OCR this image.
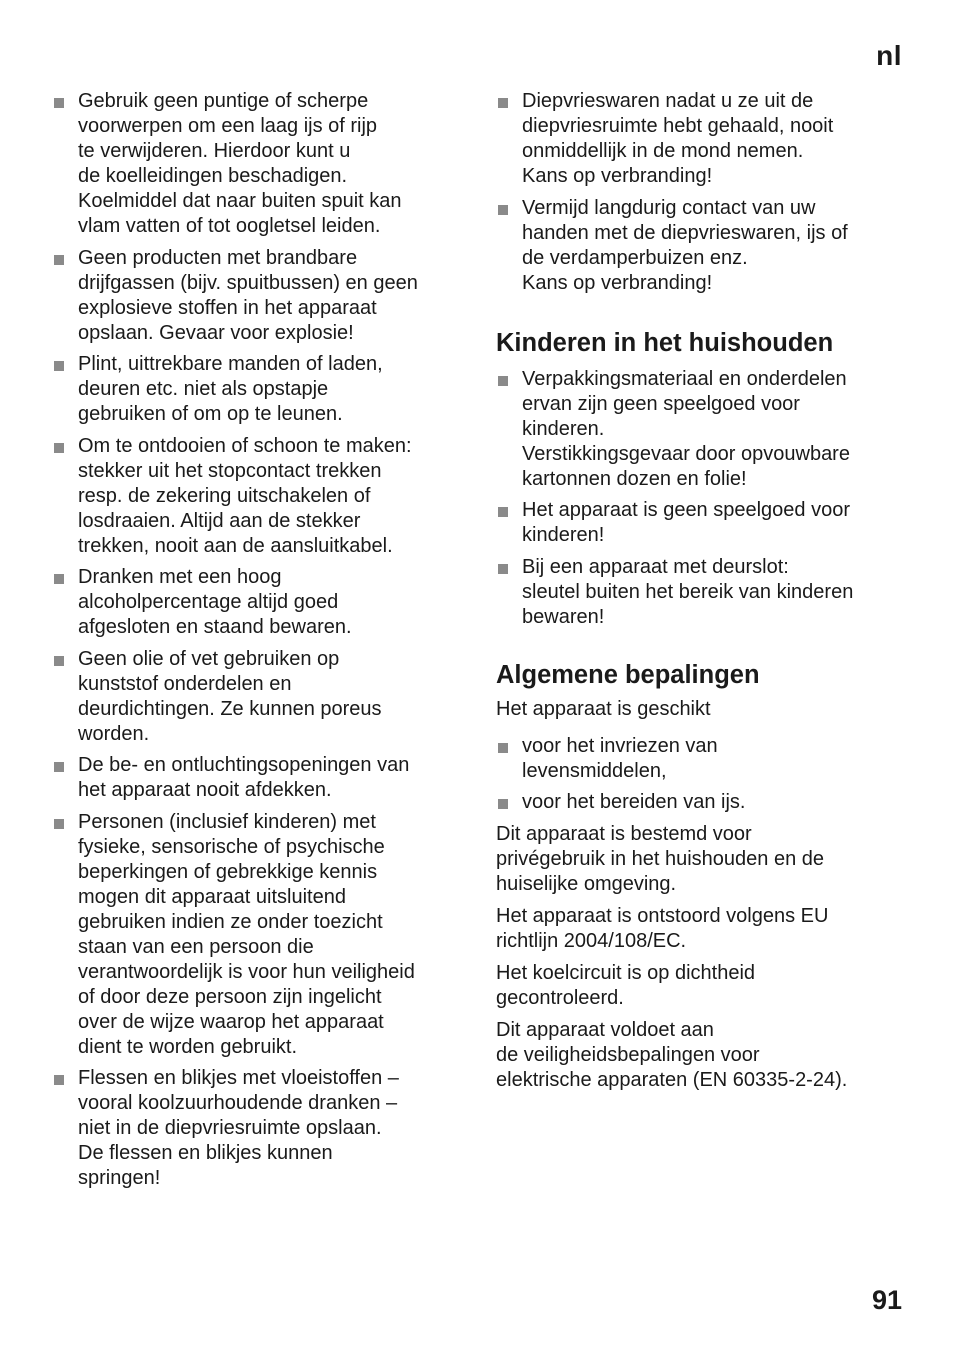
nl
Gebruik geen puntige of scherpe
voorwerpen om een laag ijs of rijp
te verwijderen. Hierdoor kunt u
de koelleidingen beschadigen.
Koelmiddel dat naar buiten spuit kan
vlam vatten of tot oogletsel leiden.
Geen producten met brandbare
drijfgassen (bijv. spuitbussen) en geen
explosieve stoffen in het apparaat
opslaan. Gevaar voor explosie!
Plint, uittrekbare manden of laden,
deuren etc. niet als opstapje
gebruiken of om op te leunen.
Om te ontdooien of schoon te maken:
stekker uit het stopcontact trekken
resp. de zekering uitschakelen of
losdraaien. Altijd aan de stekker
trekken, nooit aan de aansluitkabel.
Dranken met een hoog
alcoholpercentage altijd goed
afgesloten en staand bewaren.
Geen olie of vet gebruiken op
kunststof onderdelen en
deurdichtingen. Ze kunnen poreus
worden.
De be- en ontluchtingsopeningen van
het apparaat nooit afdekken.
Personen (inclusief kinderen) met
fysieke, sensorische of psychische
beperkingen of gebrekkige kennis
mogen dit apparaat uitsluitend
gebruiken indien ze onder toezicht
staan van een persoon die
verantwoordelijk is voor hun veiligheid
of door deze persoon zijn ingelicht
over de wijze waarop het apparaat
dient te worden gebruikt.
Flessen en blikjes met vloeistoffen –
vooral koolzuurhoudende dranken –
niet in de diepvriesruimte opslaan.
De flessen en blikjes kunnen
springen!
Diepvrieswaren nadat u ze uit de
diepvriesruimte hebt gehaald, nooit
onmiddellijk in de mond nemen.
Kans op verbranding!
Vermijd langdurig contact van uw
handen met de diepvrieswaren, ijs of
de verdamperbuizen enz.
Kans op verbranding!
Kinderen in het huishouden
Verpakkingsmateriaal en onderdelen
ervan zijn geen speelgoed voor
kinderen.
Verstikkingsgevaar door opvouwbare
kartonnen dozen en folie!
Het apparaat is geen speelgoed voor
kinderen!
Bij een apparaat met deurslot:
sleutel buiten het bereik van kinderen
bewaren!
Algemene bepalingen

Het apparaat is geschikt

voor het invriezen van
levensmiddelen,
voor het bereiden van ijs.

Dit apparaat is bestemd voor
privégebruik in het huishouden en de
huiselijke omgeving.

Het apparaat is ontstoord volgens EU
richtlijn 2004/108/EC.

Het koelcircuit is op dichtheid
gecontroleerd.

Dit apparaat voldoet aan
de veiligheidsbepalingen voor
elektrische apparaten (EN 60335-2-24).

91
